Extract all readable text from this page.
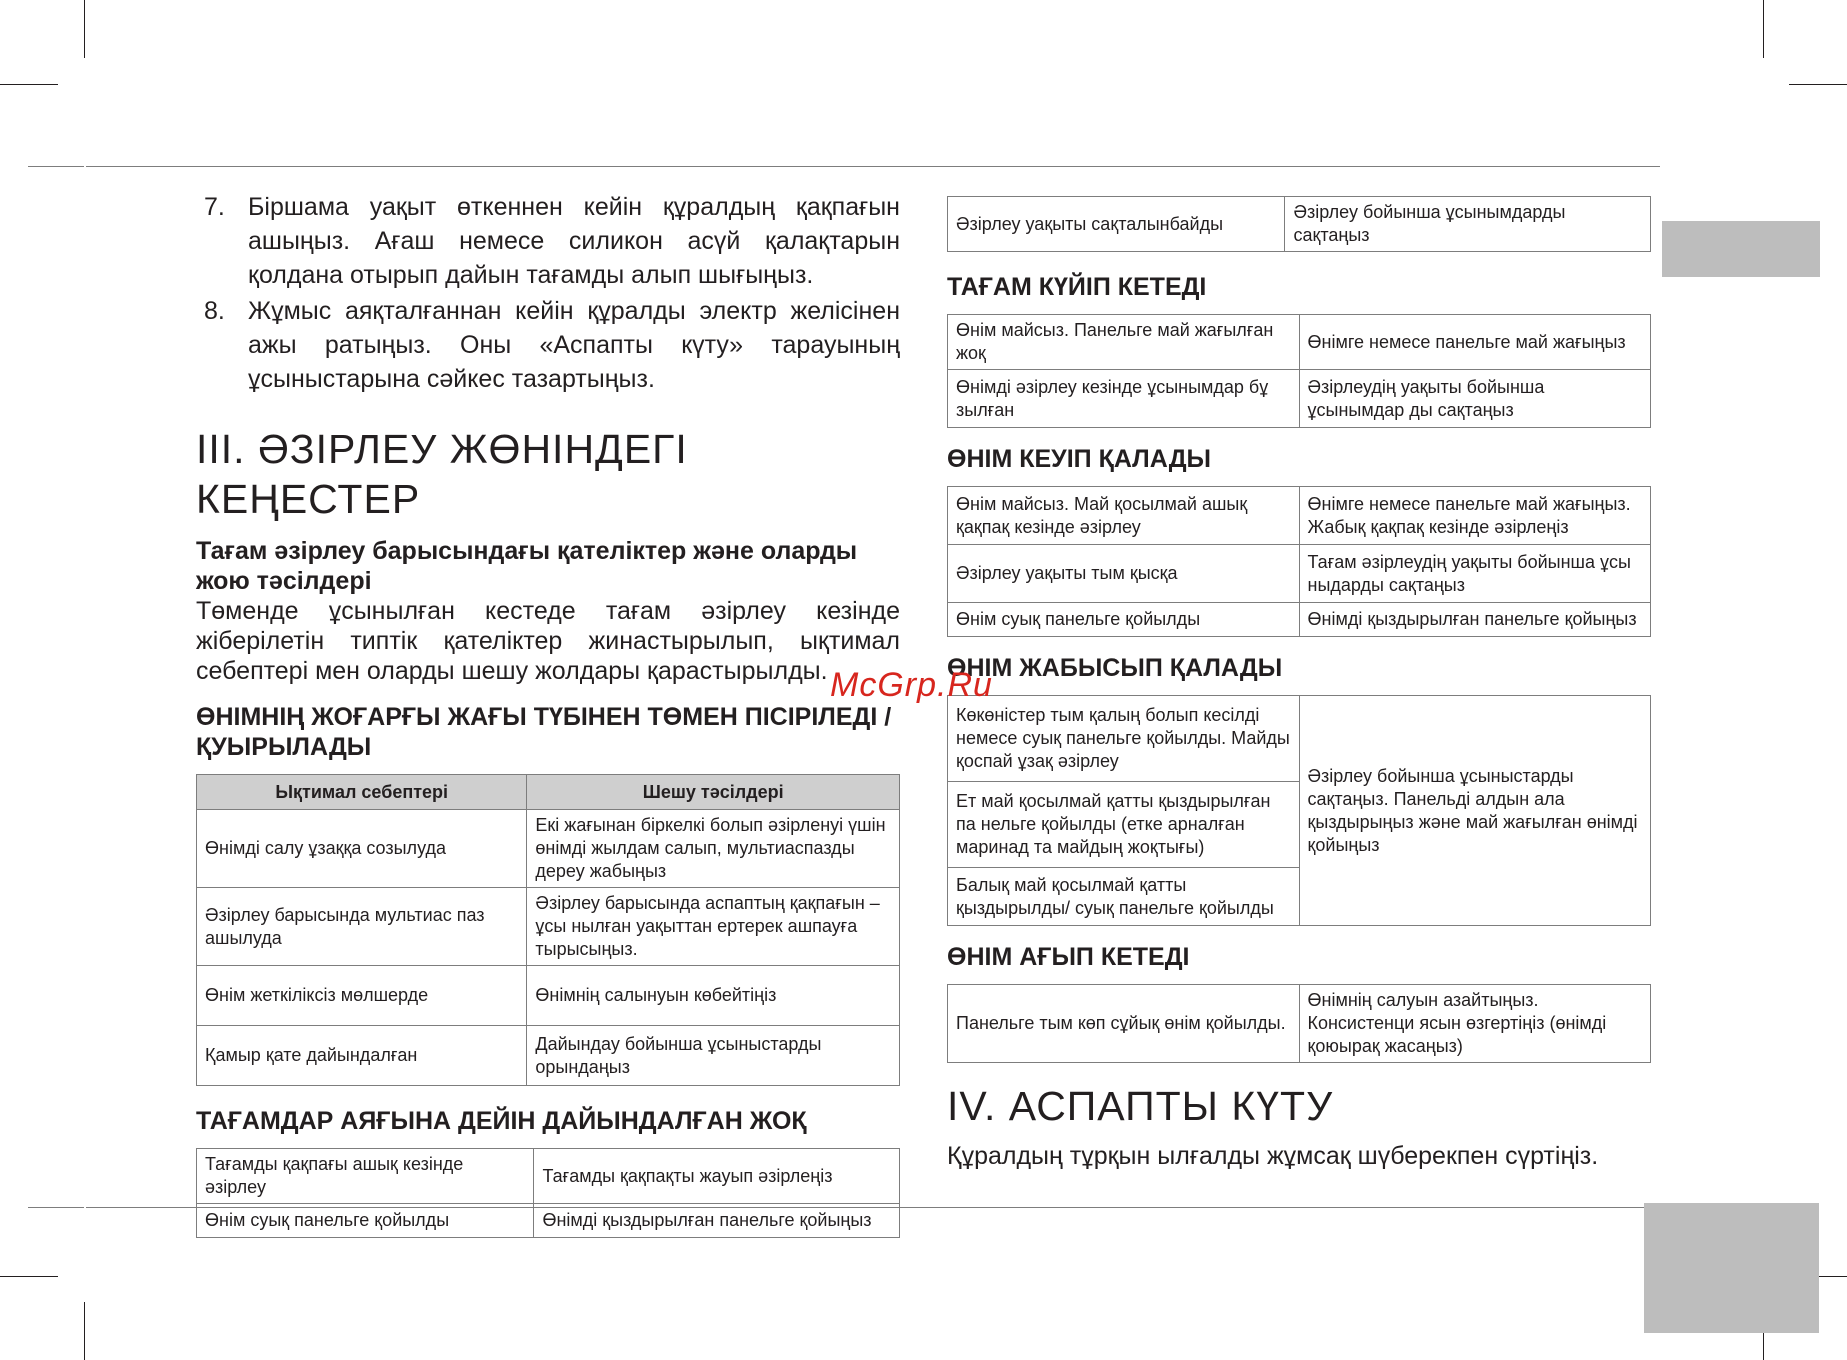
7. Біршама уақыт өткеннен кейін құралдың қақпағын ашыңыз. Ағаш немесе силикон асүй қалақтарын қолдана отырып дайын тағамды алып шығыңыз.
8. Жұмыс аяқталғаннан кейін құралды электр желісінен ажы ратыңыз. Оны «Аспапты күту» тарауының ұсыныстарына сәйкес тазартыңыз.
III. ӘЗІРЛЕУ ЖӨНІНДЕГІ КЕҢЕСТЕР

Тағам әзірлеу барысындағы қателіктер және оларды жою тәсілдері

Төменде ұсынылған кестеде тағам әзірлеу кезінде жіберілетін типтік қателіктер жинастырылып, ықтимал себептері мен оларды шешу жолдары қарастырылды.

ӨНІМНІҢ ЖОҒАРҒЫ ЖАҒЫ ТҮБІНЕН ТӨМЕН ПІСІРІЛЕДІ / ҚУЫРЫЛАДЫ

Ықтимал себептері	Шешу тәсілдері
Өнімді салу ұзаққа созылуда	Екі жағынан біркелкі болып әзірленуі үшін өнімді жылдам салып, мультиаспазды дереу жабыңыз
Әзірлеу барысында мультиас паз ашылуда	Әзірлеу барысында аспаптың қақпағын – ұсы нылған уақыттан ертерек ашпауға тырысыңыз.
Өнім жеткіліксіз мөлшерде	Өнімнің салынуын көбейтіңіз
Қамыр қате дайындалған	Дайындау бойынша ұсыныстарды орындаңыз

ТАҒАМДАР АЯҒЫНА ДЕЙІН ДАЙЫНДАЛҒАН ЖОҚ

Тағамды қақпағы ашық кезінде әзірлеу	Тағамды қақпақты жауып әзірлеңіз
Өнім суық панельге қойылды	Өнімді қыздырылған панельге қойыңыз
Әзірлеу уақыты сақталынбайды	Әзірлеу бойынша ұсынымдарды сақтаңыз

ТАҒАМ КҮЙІП КЕТЕДІ

Өнім майсыз. Панельге май жағылған жоқ	Өнімге немесе панельге май жағыңыз
Өнімді әзірлеу кезінде ұсынымдар бұ зылған	Әзірлеудің уақыты бойынша ұсынымдар ды сақтаңыз

ӨНІМ КЕУІП ҚАЛАДЫ

Өнім майсыз. Май қосылмай ашық қақпақ кезінде әзірлеу	Өнімге немесе панельге май жағыңыз. Жабық қақпақ кезінде әзірлеңіз
Әзірлеу уақыты тым қысқа	Тағам әзірлеудің уақыты бойынша ұсы ныдарды сақтаңыз
Өнім суық панельге қойылды	Өнімді қыздырылған панельге қойыңыз

ӨНІМ ЖАБЫСЫП ҚАЛАДЫ

Көкөністер тым қалың болып кесілді немесе суық панельге қойылды. Майды қоспай ұзақ әзірлеу	Әзірлеу бойынша ұсыныстарды сақтаңыз. Панельді алдын ала қыздырыңыз және май жағылған өнімді қойыңыз
Ет май қосылмай қатты қыздырылған па нельге қойылды (етке арналған маринад та майдың жоқтығы)
Балық май қосылмай қатты қыздырылды/ суық панельге қойылды

ӨНІМ АҒЫП КЕТЕДІ

Панельге тым көп сұйық өнім қойылды.	Өнімнің салуын азайтыңыз. Консистенци ясын өзгертіңіз (өнімді қоюырақ жасаңыз)
IV. АСПАПТЫ КҮТУ

Құралдың тұрқын ылғалды жұмсақ шүберекпен сүртіңіз.

McGrp.Ru
